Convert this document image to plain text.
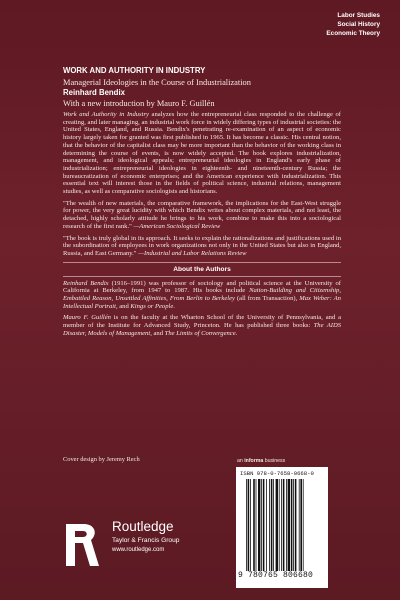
Labor Studies
Social History
Economic Theory
WORK AND AUTHORITY IN INDUSTRY
Managerial Ideologies in the Course of Industrialization
Reinhard Bendix
With a new introduction by Mauro F. Guillén

Work and Authority in Industry analyzes how the entrepreneurial class responded to the challenge of creating, and later managing, an industrial work force in widely differing types of industrial societies: the United States, England, and Russia. Bendix's penetrating re-examination of an aspect of economic history largely taken for granted was first published in 1965. It has become a classic. His central notion, that the behavior of the capitalist class may be more important than the behavior of the working class in determining the course of events, is now widely accepted. The book explores industrialization, management, and ideological appeals; entrepreneurial ideologies in England's early phase of industrialization; entrepreneurial ideologies in eighteenth- and nineteenth-century Russia; the bureaucratization of economic enterprises; and the American experience with industrialization. This essential text will interest those in the fields of political science, industrial relations, management studies, as well as comparative sociologists and historians.

"The wealth of new materials, the comparative framework, the implications for the East-West struggle for power, the very great lucidity with which Bendix writes about complex materials, and not least, the detached, highly scholarly attitude he brings to his work, combine to make this into a sociological research of the first rank." —American Sociological Review

"The book is truly global in its approach. It seeks to explain the rationalizations and justifications used in the subordination of employees in work organizations not only in the United States but also in England, Russia, and East Germany." —Industrial and Labor Relations Review

About the Authors

Reinhard Bendix (1916–1991) was professor of sociology and political science at the University of California at Berkeley, from 1947 to 1987. His books include Nation-Building and Citizenship, Embattled Reason, Unsettled Affinities, From Berlin to Berkeley (all from Transaction), Max Weber: An Intellectual Portrait, and Kings or People.

Mauro F. Guillén is on the faculty at the Wharton School of the University of Pennsylvania, and a member of the Institute for Advanced Study, Princeton. He has published three books: The AIDS Disaster, Models of Management, and The Limits of Convergence.

Cover design by Jeremy Rech	an informa business
Routledge
Taylor & Francis Group
www.routledge.com
ISBN 978-0-7658-0668-0
9 780765 806680
